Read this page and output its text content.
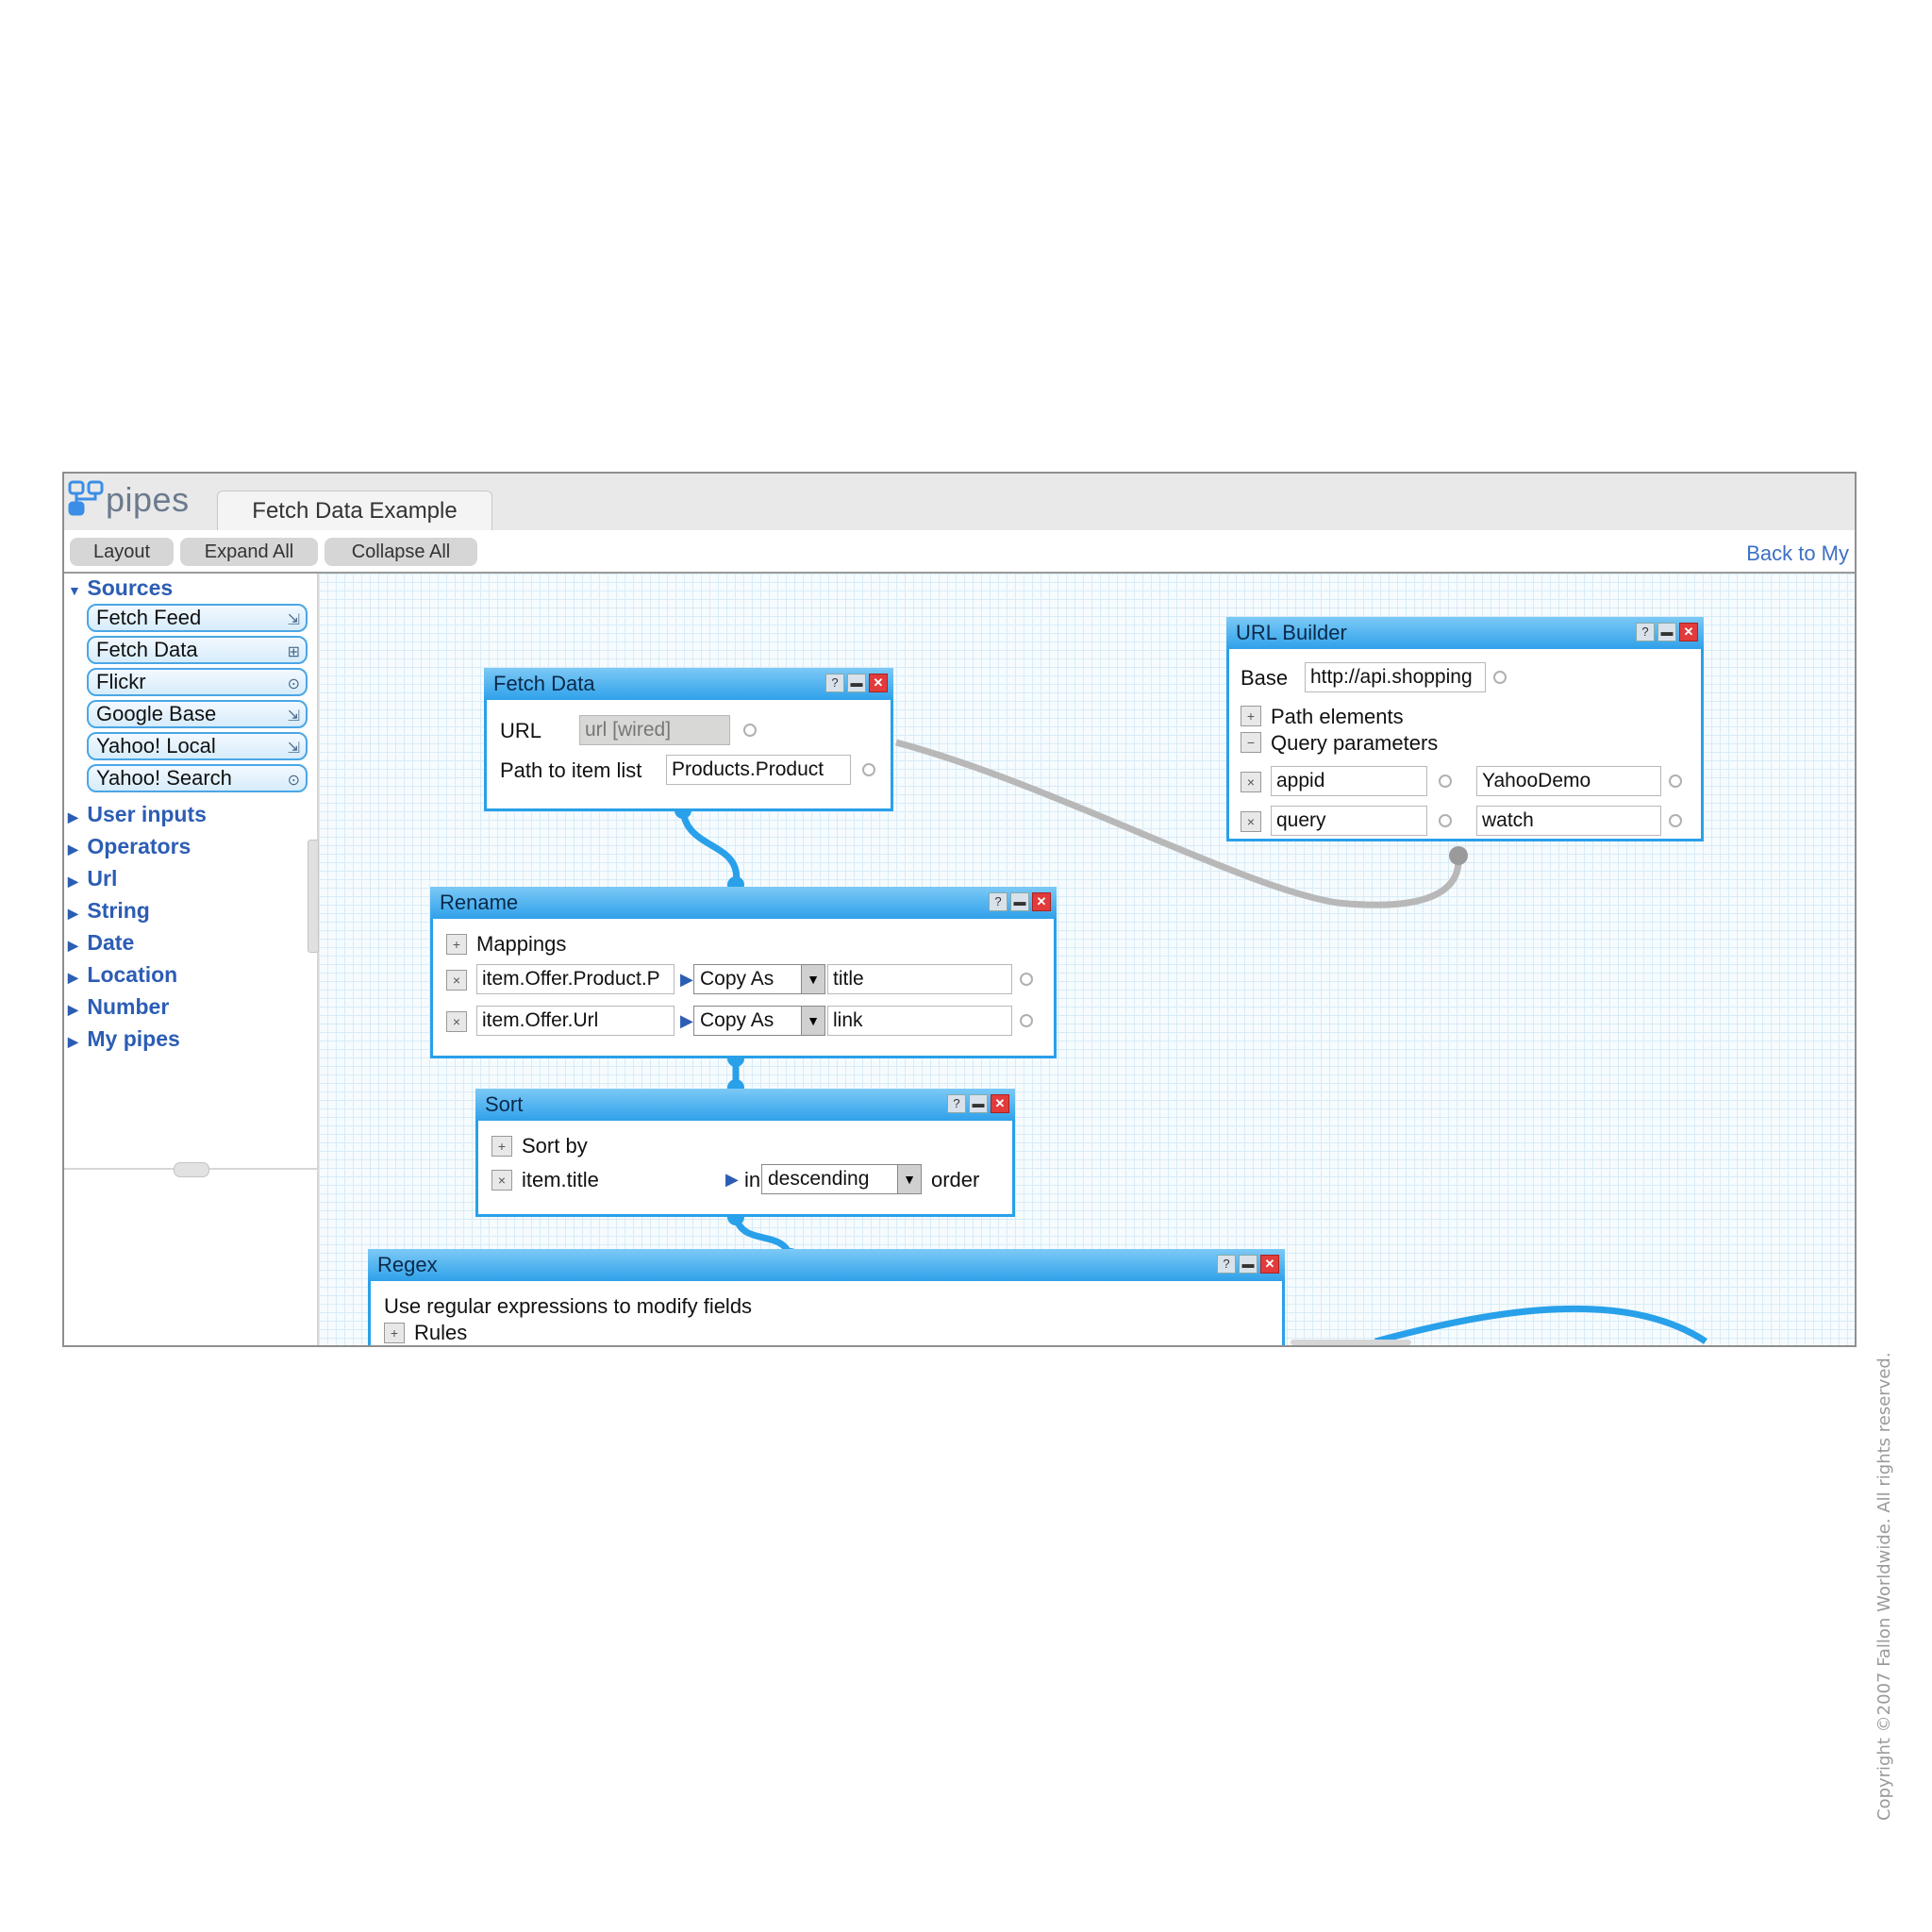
Copyright ©2007 Fallon Worldwide. All rights reserved.
pipes	Fetch Data Example
Layout	Expand All	Collapse All	Back to My
▼ Sources
Fetch Feed	⇲
Fetch Data	⊞
Flickr	⊙
Google Base	⇲
Yahoo! Local	⇲
Yahoo! Search	⊙
▶ User inputs
▶ Operators
▶ Url
▶ String
▶ Date
▶ Location
▶ Number
▶ My pipes
Fetch Data	? ▬ ✕
URL url [wired]
Path to item list Products.Product
URL Builder	? ▬ ✕
Base http://api.shopping
+ Path elements
− Query parameters
×	appid	YahooDemo
×	query	watch
Rename	? ▬ ✕
+ Mappings
×	item.Offer.Product.P	▶ Copy As	▼ title
×	item.Offer.Url	▶ Copy As	▼ link
Sort	? ▬ ✕
+ Sort by
× item.title	▶ in descending	▼ order
Regex	? ▬ ✕
Use regular expressions to modify fields
+ Rules
